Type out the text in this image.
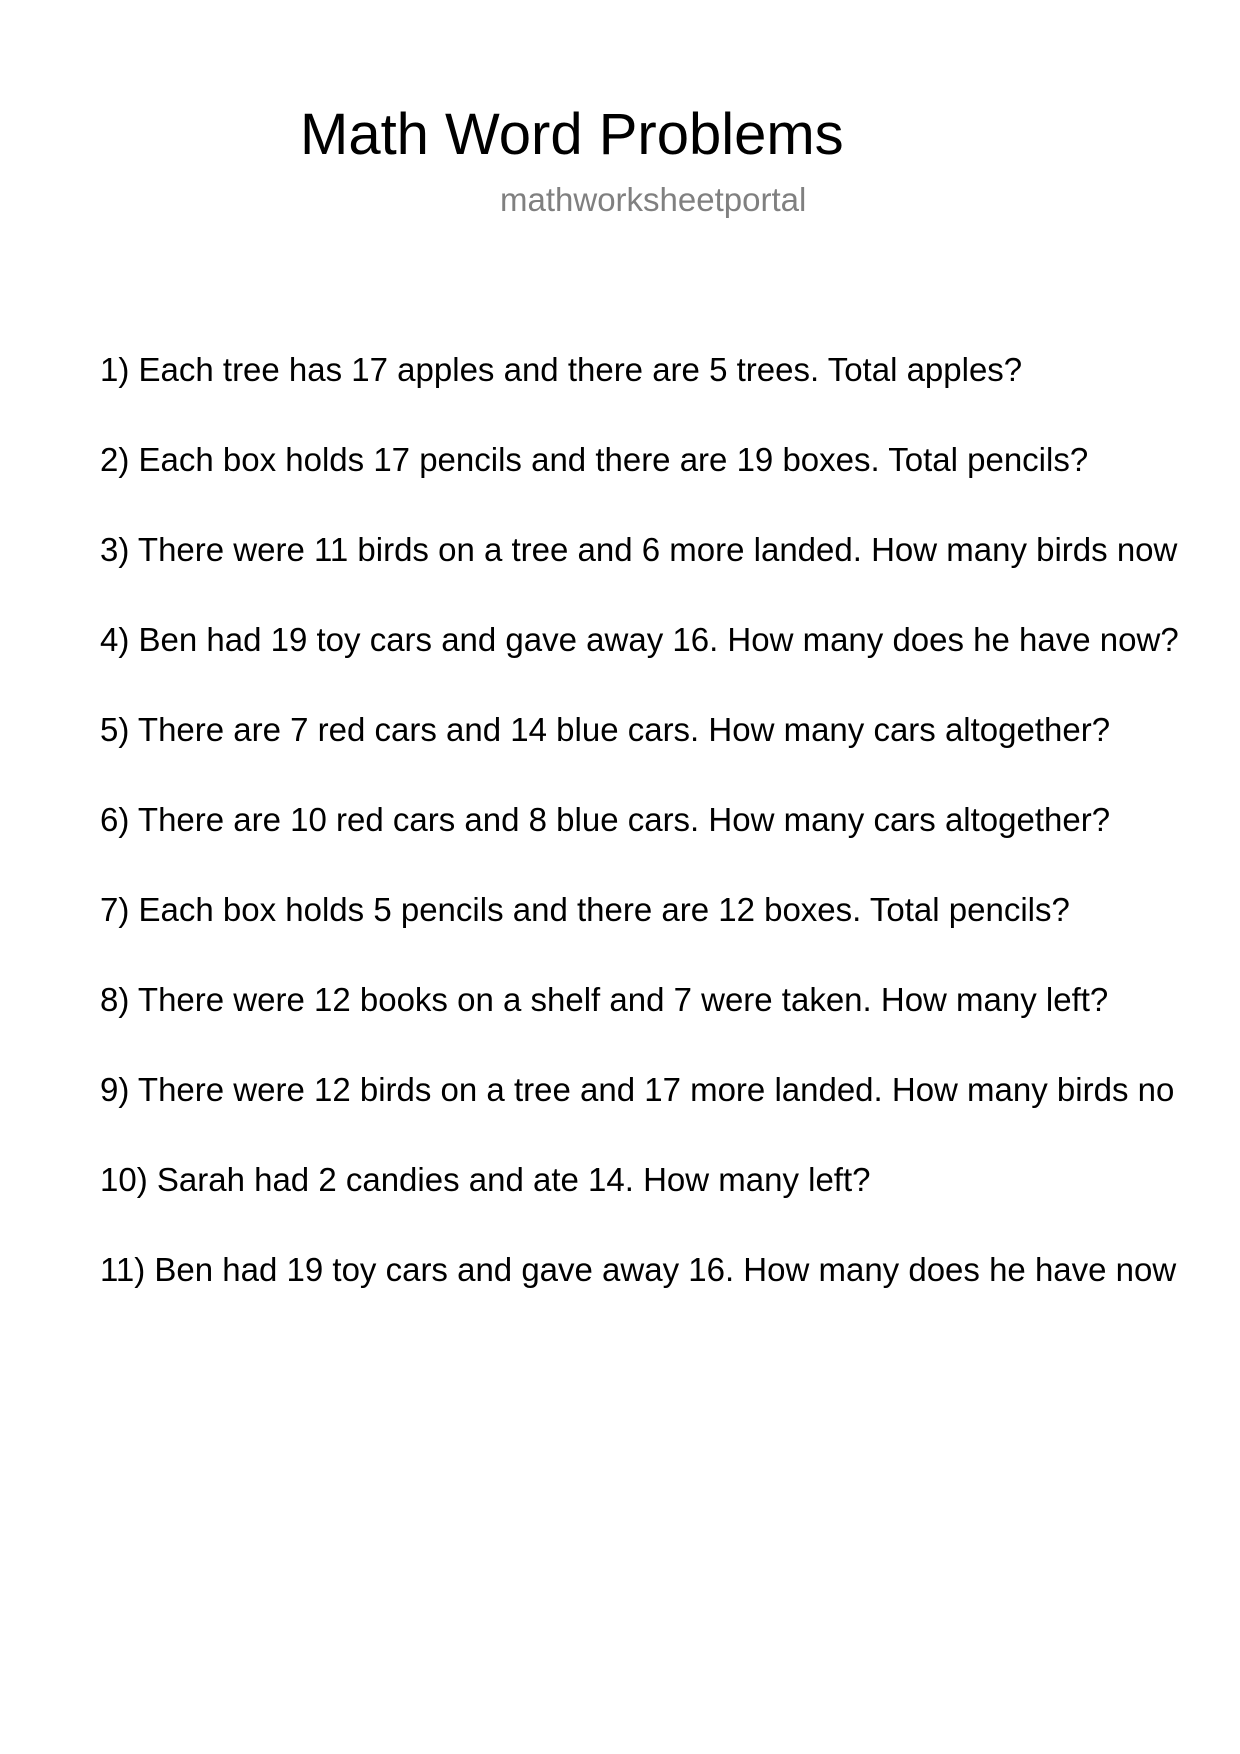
Math Word Problems
mathworksheetportal
1) Each tree has 17 apples and there are 5 trees. Total apples?
2) Each box holds 17 pencils and there are 19 boxes. Total pencils?
3) There were 11 birds on a tree and 6 more landed. How many birds now
4) Ben had 19 toy cars and gave away 16. How many does he have now?
5) There are 7 red cars and 14 blue cars. How many cars altogether?
6) There are 10 red cars and 8 blue cars. How many cars altogether?
7) Each box holds 5 pencils and there are 12 boxes. Total pencils?
8) There were 12 books on a shelf and 7 were taken. How many left?
9) There were 12 birds on a tree and 17 more landed. How many birds no
10) Sarah had 2 candies and ate 14. How many left?
11) Ben had 19 toy cars and gave away 16. How many does he have now
